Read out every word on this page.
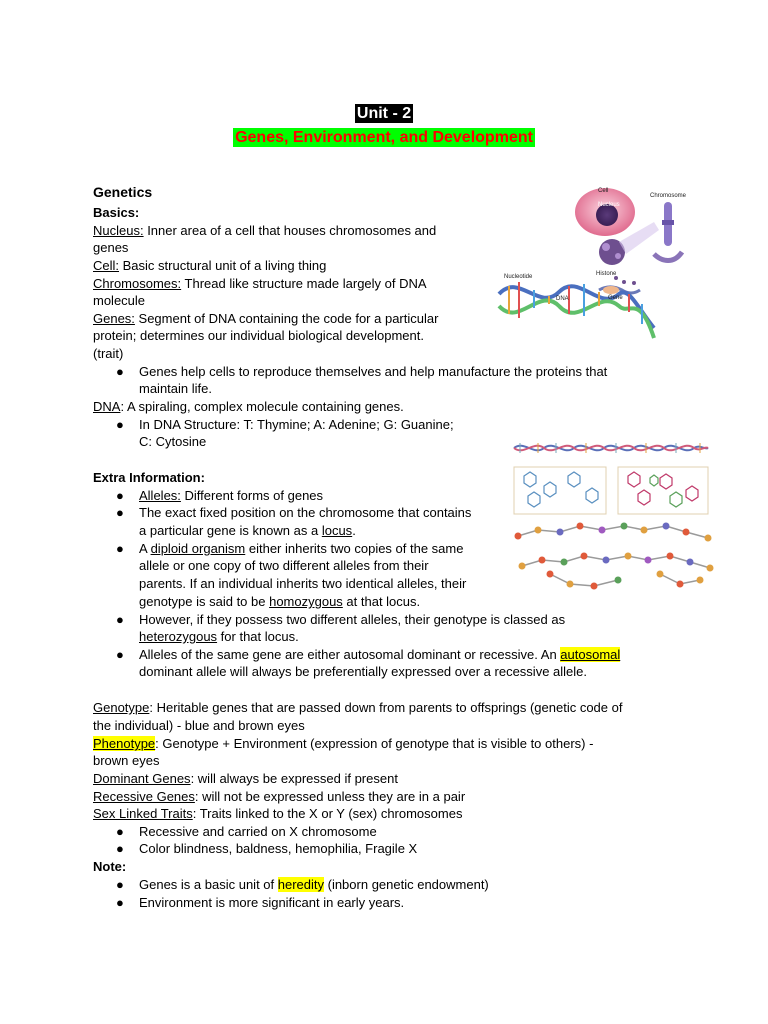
Unit - 2
Genes, Environment, and Development
Genetics
Basics:
Nucleus: Inner area of a cell that houses chromosomes and
genes
Cell: Basic structural unit of a living thing
Chromosomes: Thread like structure made largely of DNA
molecule
Genes: Segment of DNA containing the code for a particular
protein; determines our individual biological development.
(trait)
● Genes help cells to reproduce themselves and help manufacture the proteins that
maintain life.
DNA: A spiraling, complex molecule containing genes.
● In DNA Structure: T: Thymine; A: Adenine; G: Guanine;
C: Cytosine
Extra Information:
● Alleles: Different forms of genes
● The exact fixed position on the chromosome that contains
a particular gene is known as a locus.
● A diploid organism either inherits two copies of the same
allele or one copy of two different alleles from their
parents. If an individual inherits two identical alleles, their
genotype is said to be homozygous at that locus.
● However, if they possess two different alleles, their genotype is classed as
heterozygous for that locus.
● Alleles of the same gene are either autosomal dominant or recessive. An autosomal
dominant allele will always be preferentially expressed over a recessive allele.
Genotype: Heritable genes that are passed down from parents to offsprings (genetic code of
the individual) - blue and brown eyes
Phenotype: Genotype + Environment (expression of genotype that is visible to others) -
brown eyes
Dominant Genes: will always be expressed if present
Recessive Genes: will not be expressed unless they are in a pair
Sex Linked Traits: Traits linked to the X or Y (sex) chromosomes
● Recessive and carried on X chromosome
● Color blindness, baldness, hemophilia, Fragile X
Note:
● Genes is a basic unit of heredity (inborn genetic endowment)
● Environment is more significant in early years.
Cell
Nucleus
Chromosome
Nucleotide	Histone
DNA	Gene
